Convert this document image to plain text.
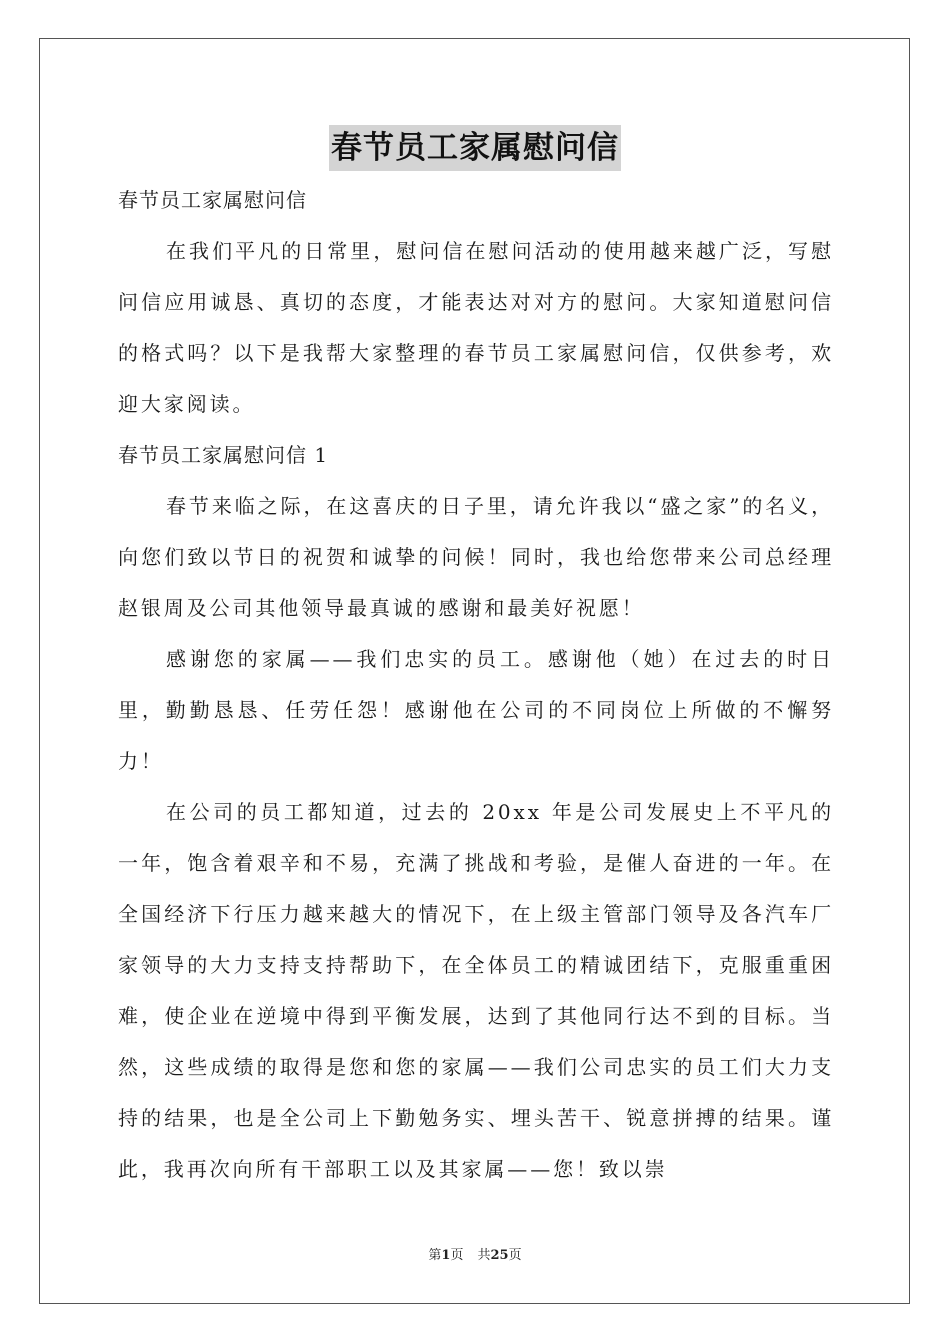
春节员工家属慰问信

春节员工家属慰问信

在我们平凡的日常里，慰问信在慰问活动的使用越来越广泛，写慰问信应用诚恳、真切的态度，才能表达对对方的慰问。大家知道慰问信的格式吗？以下是我帮大家整理的春节员工家属慰问信，仅供参考，欢迎大家阅读。

春节员工家属慰问信 1

春节来临之际，在这喜庆的日子里，请允许我以“盛之家”的名义，向您们致以节日的祝贺和诚挚的问候！同时，我也给您带来公司总经理赵银周及公司其他领导最真诚的感谢和最美好祝愿！

感谢您的家属——我们忠实的员工。感谢他（她）在过去的时日里，勤勤恳恳、任劳任怨！感谢他在公司的不同岗位上所做的不懈努力！

在公司的员工都知道，过去的 20xx 年是公司发展史上不平凡的一年，饱含着艰辛和不易，充满了挑战和考验，是催人奋进的一年。在全国经济下行压力越来越大的情况下，在上级主管部门领导及各汽车厂家领导的大力支持支持帮助下，在全体员工的精诚团结下，克服重重困难，使企业在逆境中得到平衡发展，达到了其他同行达不到的目标。当然，这些成绩的取得是您和您的家属——我们公司忠实的员工们大力支持的结果，也是全公司上下勤勉务实、埋头苦干、锐意拼搏的结果。谨此，我再次向所有干部职工以及其家属——您！致以崇

第1页 共25页
